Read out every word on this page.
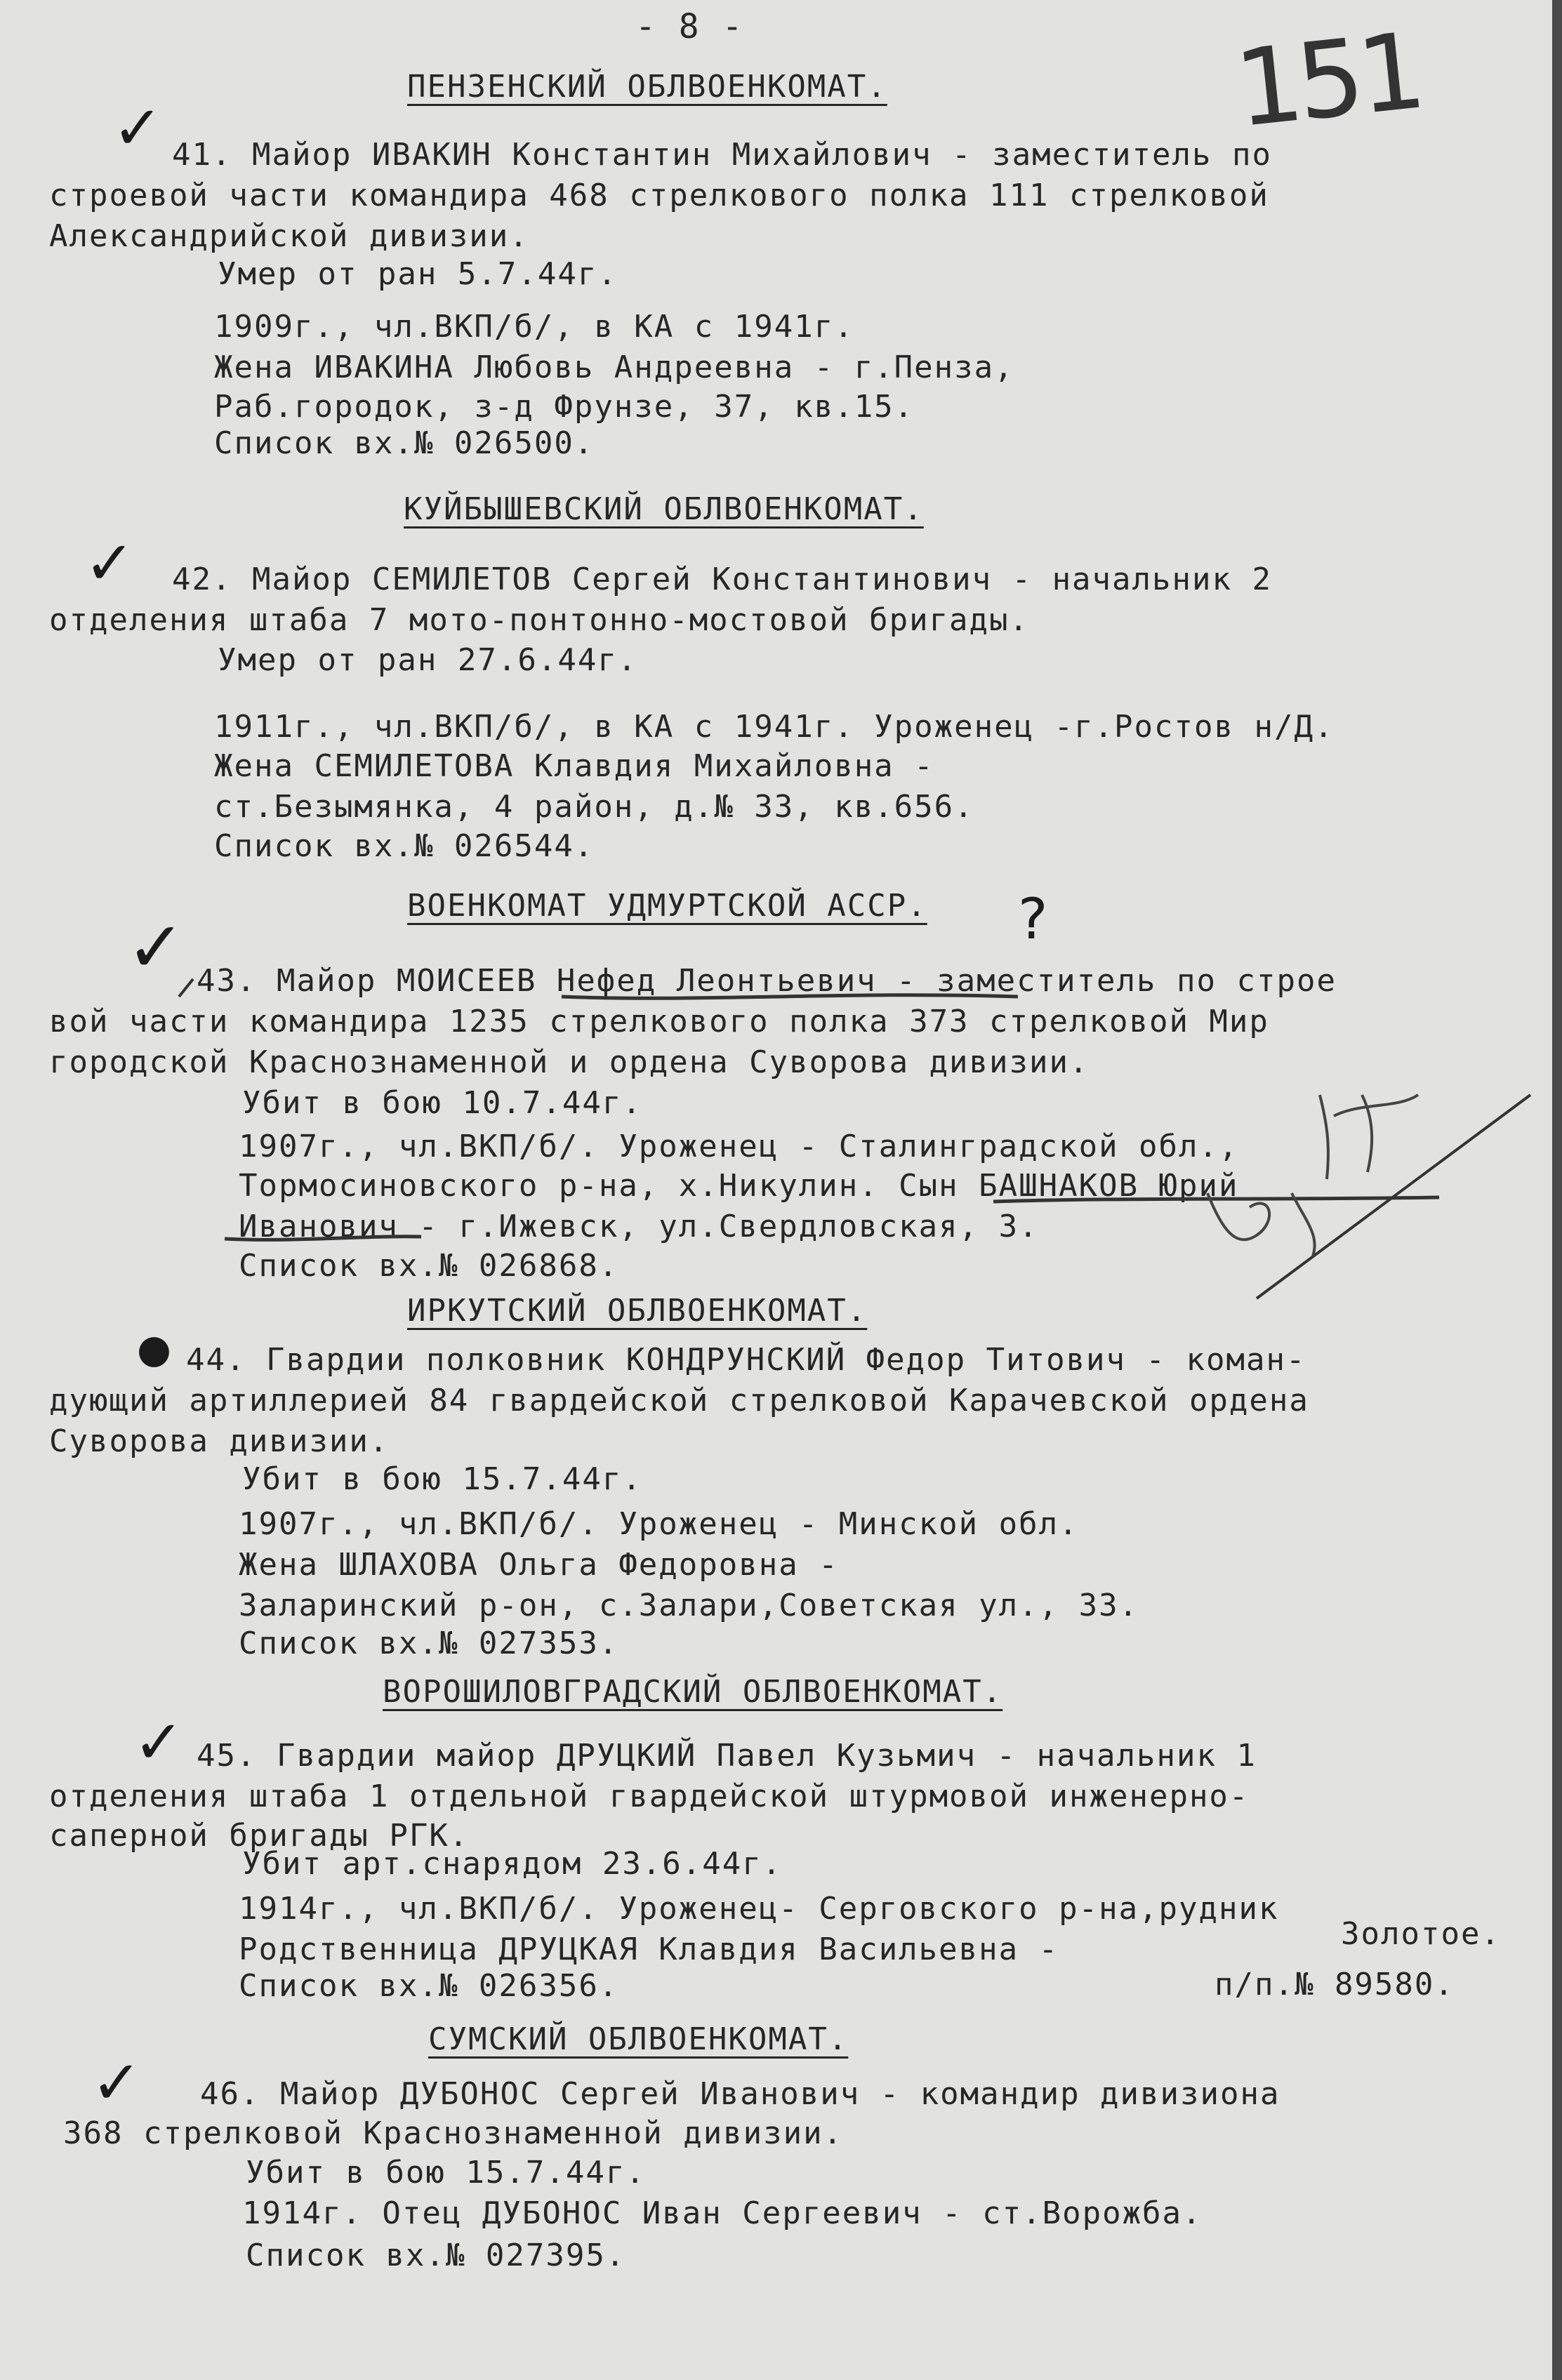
- 8 -	151
ПЕНЗЕНСКИЙ ОБЛВОЕНКОМАТ.
✓ 41. Майор ИВАКИН Константин Михайлович - заместитель по
строевой части командира 468 стрелкового полка 111 стрелковой
Александрийской дивизии.
Умер от ран 5.7.44г.
1909г., чл.ВКП/б/, в КА с 1941г.
Жена ИВАКИНА Любовь Андреевна - г.Пенза,
Раб.городок, з-д Фрунзе, 37, кв.15.
Список вх.№ 026500.
КУЙБЫШЕВСКИЙ ОБЛВОЕНКОМАТ.
✓ 42. Майор СЕМИЛЕТОВ Сергей Константинович - начальник 2
отделения штаба 7 мото-понтонно-мостовой бригады.
Умер от ран 27.6.44г.
1911г., чл.ВКП/б/, в КА с 1941г. Уроженец -г.Ростов н/Д.
Жена СЕМИЛЕТОВА Клавдия Михайловна -
ст.Безымянка, 4 район, д.№ 33, кв.656.
Список вх.№ 026544.
ВОЕНКОМАТ УДМУРТСКОЙ АССР. ?
✓ 43. Майор МОИСЕЕВ Нефед Леонтьевич - заместитель по строе
вой части командира 1235 стрелкового полка 373 стрелковой Мир
городской Краснознаменной и ордена Суворова дивизии.
Убит в бою 10.7.44г.
1907г., чл.ВКП/б/. Уроженец - Сталинградской обл.,
Тормосиновского р-на, х.Никулин. Сын БАШНАКОВ Юрий
Иванович - г.Ижевск, ул.Свердловская, 3.
Список вх.№ 026868.
ИРКУТСКИЙ ОБЛВОЕНКОМАТ.
● 44. Гвардии полковник КОНДРУНСКИЙ Федор Титович - коман-
дующий артиллерией 84 гвардейской стрелковой Карачевской ордена
Суворова дивизии.
Убит в бою 15.7.44г.
1907г., чл.ВКП/б/. Уроженец - Минской обл.
Жена ШЛАХОВА Ольга Федоровна -
Заларинский р-он, с.Залари,Советская ул., 33.
Список вх.№ 027353.
ВОРОШИЛОВГРАДСКИЙ ОБЛВОЕНКОМАТ.
✓ 45. Гвардии майор ДРУЦКИЙ Павел Кузьмич - начальник 1
отделения штаба 1 отдельной гвардейской штурмовой инженерно-
саперной бригады РГК.
Убит арт.снарядом 23.6.44г.
1914г., чл.ВКП/б/. Уроженец- Серговского р-на,рудник
Родственница ДРУЦКАЯ Клавдия Васильевна -	Золотое.
Список вх.№ 026356.	п/п.№ 89580.
СУМСКИЙ ОБЛВОЕНКОМАТ.
✓ 46. Майор ДУБОНОС Сергей Иванович - командир дивизиона
368 стрелковой Краснознаменной дивизии.
Убит в бою 15.7.44г.
1914г. Отец ДУБОНОС Иван Сергеевич - ст.Ворожба.
Список вх.№ 027395.
